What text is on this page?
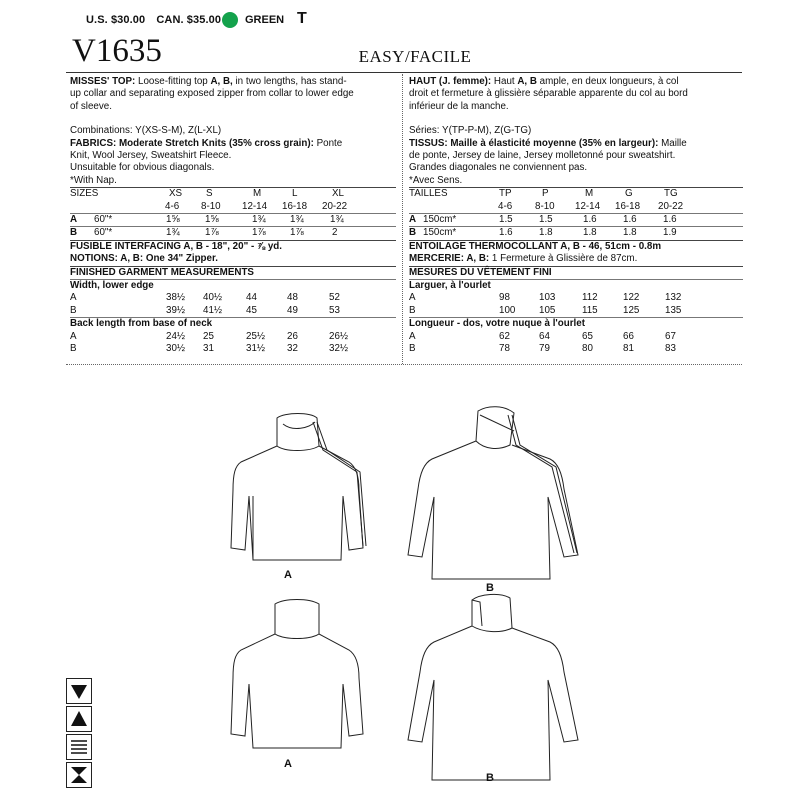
U.S. $30.00 CAN. $35.00	GREEN T
V1635	EASY/FACILE

MISSES' TOP: Loose-fitting top A, B, in two lengths, has stand-

up collar and separating exposed zipper from collar to lower edge

of sleeve.

Combinations: Y(XS-S-M), Z(L-XL)

FABRICS: Moderate Stretch Knits (35% cross grain): Ponte

Knit, Wool Jersey, Sweatshirt Fleece.

Unsuitable for obvious diagonals.

*With Nap.

SIZES	XS S	M	L	XL
4-6 8-10 12-14 16-18 20-22
A 60"*	1⅝	1⅝	1¾ 1¾	1¾
B 60"*	1¾	1⅞	1⅞ 1⅞	2

FUSIBLE INTERFACING A, B - 18", 20" - ⅞ yd.

NOTIONS: A, B: One 34" Zipper.

FINISHED GARMENT MEASUREMENTS

Width, lower edge

A	38½ 40½ 44	48	52
B	39½ 41½ 45	49	53

Back length from base of neck

A	24½ 25	25½ 26	26½
B	30½ 31	31½ 32	32½

HAUT (J. femme): Haut A, B ample, en deux longueurs, à col

droit et fermeture à glissière séparable apparente du col au bord

inférieur de la manche.

Séries: Y(TP-P-M), Z(G-TG)

TISSUS: Maille à élasticité moyenne (35% en largeur): Maille

de ponte, Jersey de laine, Jersey molletonné pour sweatshirt.

Grandes diagonales ne conviennent pas.

*Avec Sens.

TAILLES	TP	P	M	G	TG
4-6 8-10 12-14 16-18 20-22
A 150cm*	1.5	1.5	1.6	1.6	1.6
B 150cm*	1.6	1.8	1.8	1.8	1.9

ENTOILAGE THERMOCOLLANT A, B - 46, 51cm - 0.8m

MERCERIE: A, B: 1 Fermeture à Glissière de 87cm.

MESURES DU VÊTEMENT FINI

Larguer, à l'ourlet

A	98	103	112	122	132
B	100 105	115	125	135

Longueur - dos, votre nuque à l'ourlet

A	62	64	65	66	67
B	78	79	80	81	83
A
B
A
B
